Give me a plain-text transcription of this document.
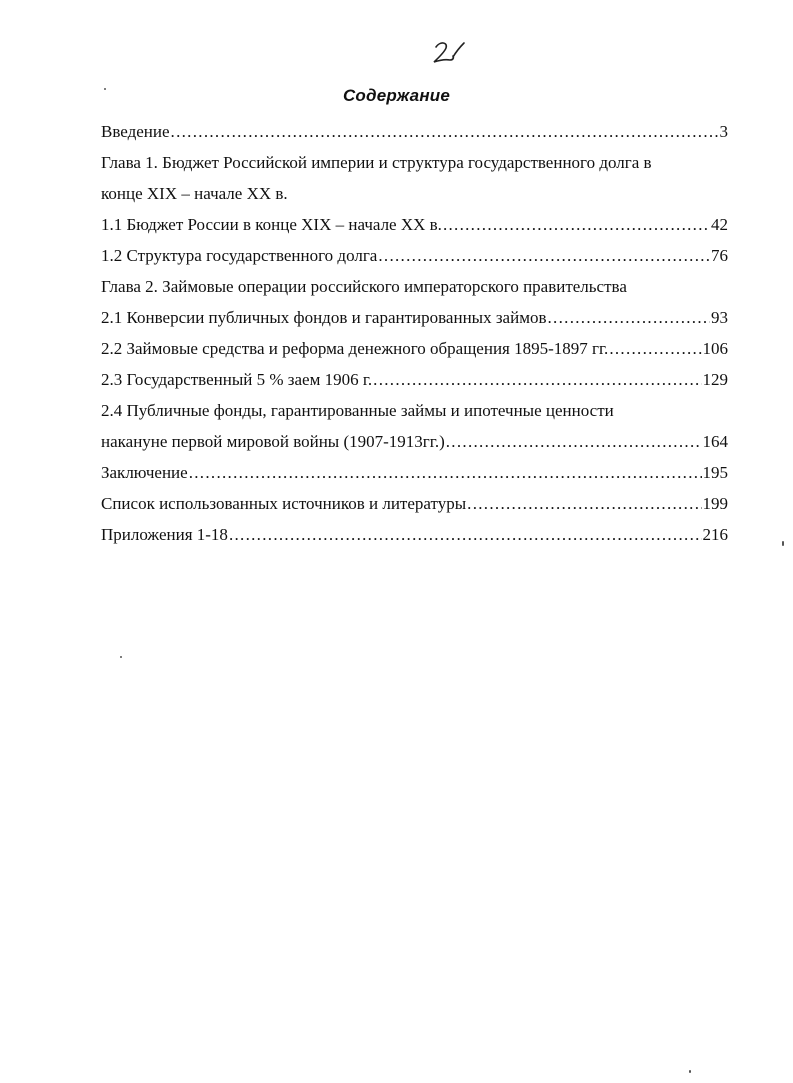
Содержание
Введение .....	3
Глава 1. Бюджет Российской империи и структура государственного долга в
конце XIX – начале XX в.
1.1 Бюджет России в конце XIX – начале XX в. .....	42
1.2 Структура государственного долга .....	76
Глава 2. Займовые операции российского императорского правительства
2.1 Конверсии публичных фондов и гарантированных займов .....	93
2.2 Займовые средства и реформа денежного обращения 1895-1897 гг. .....	106
2.3 Государственный 5 % заем 1906 г. .....	129
2.4 Публичные фонды, гарантированные займы и ипотечные ценности
накануне первой мировой войны (1907-1913гг.) .....	164
Заключение .....	195
Список использованных источников и литературы .....	199
Приложения 1-18 .....	216
